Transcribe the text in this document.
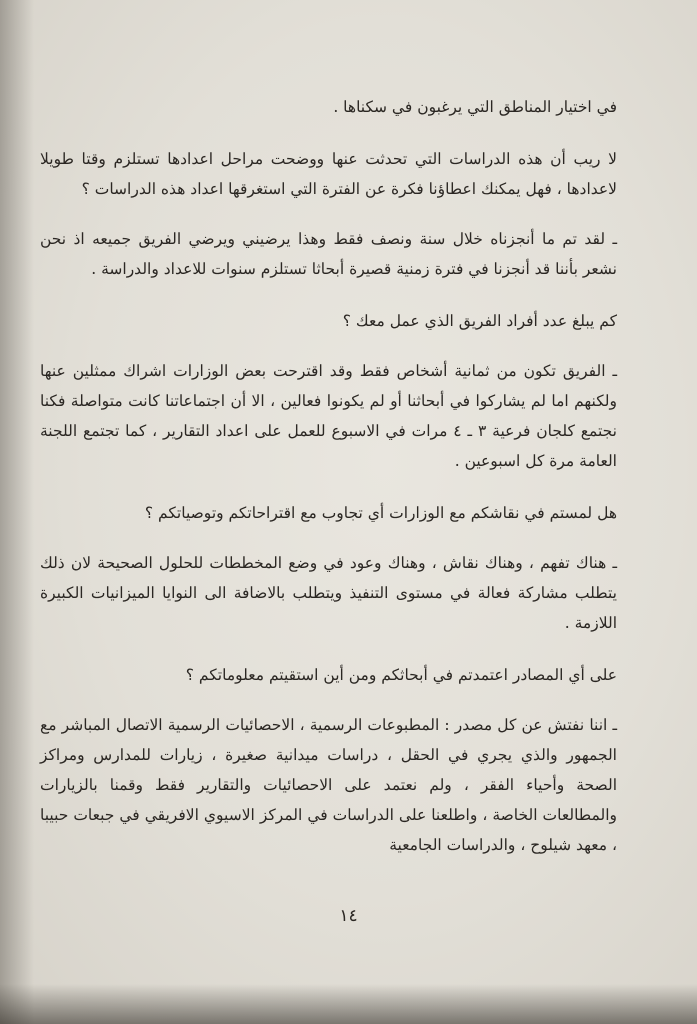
في اختيار المناطق التي يرغبون في سكناها .

لا ريب أن هذه الدراسات التي تحدثت عنها ووضحت مراحل اعدادها تستلزم وقتا طويلا لاعدادها ، فهل يمكنك اعطاؤنا فكرة عن الفترة التي استغرقها اعداد هذه الدراسات ؟

ـ لقد تم ما أنجزناه خلال سنة ونصف فقط وهذا يرضيني ويرضي الفريق جميعه اذ نحن نشعر بأننا قد أنجزنا في فترة زمنية قصيرة أبحاثا تستلزم سنوات للاعداد والدراسة .

كم يبلغ عدد أفراد الفريق الذي عمل معك ؟

ـ الفريق تكون من ثمانية أشخاص فقط وقد اقترحت بعض الوزارات اشراك ممثلين عنها ولكنهم اما لم يشاركوا في أبحاثنا أو لم يكونوا فعالين ، الا أن اجتماعاتنا كانت متواصلة فكنا نجتمع كلجان فرعية ٣ ـ ٤ مرات في الاسبوع للعمل على اعداد التقارير ، كما تجتمع اللجنة العامة مرة كل اسبوعين .

هل لمستم في نقاشكم مع الوزارات أي تجاوب مع اقتراحاتكم وتوصياتكم ؟

ـ هناك تفهم ، وهناك نقاش ، وهناك وعود في وضع المخططات للحلول الصحيحة لان ذلك يتطلب مشاركة فعالة في مستوى التنفيذ ويتطلب بالاضافة الى النوايا الميزانيات الكبيرة اللازمة .

على أي المصادر اعتمدتم في أبحاثكم ومن أين استقيتم معلوماتكم ؟

ـ اننا نفتش عن كل مصدر : المطبوعات الرسمية ، الاحصائيات الرسمية الاتصال المباشر مع الجمهور والذي يجري في الحقل ، دراسات ميدانية صغيرة ، زيارات للمدارس ومراكز الصحة وأحياء الفقر ، ولم نعتمد على الاحصائيات والتقارير فقط وقمنا بالزيارات والمطالعات الخاصة ، واطلعنا على الدراسات في المركز الاسيوي الافريقي في جبعات حبيبا ، معهد شيلوح ، والدراسات الجامعية

١٤
